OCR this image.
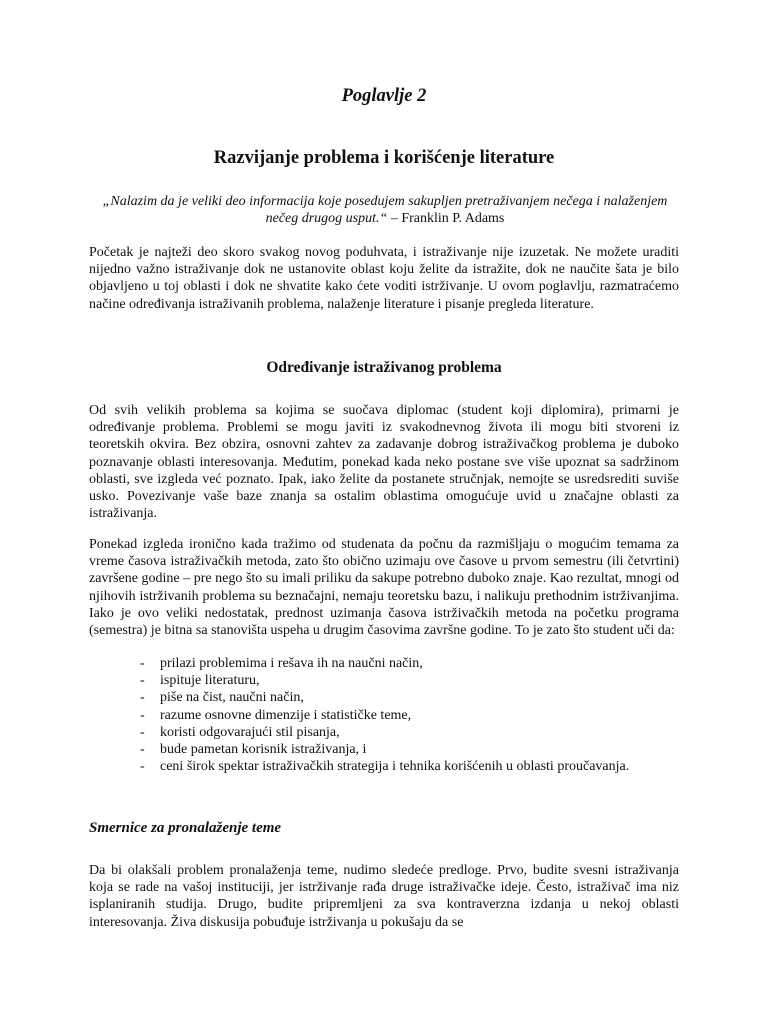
Poglavlje 2
Razvijanje problema i korišćenje literature
„Nalazim da je veliki deo informacija koje posedujem sakupljen pretraživanjem nečega i nalaženjem nečeg drugog usput.“ – Franklin P. Adams

Početak je najteži deo skoro svakog novog poduhvata, i istraživanje nije izuzetak. Ne možete uraditi nijedno važno istraživanje dok ne ustanovite oblast koju želite da istražite, dok ne naučite šata je bilo objavljeno u toj oblasti i dok ne shvatite kako ćete voditi istrživanje. U ovom poglavlju, razmatraćemo načine određivanja istraživanih problema, nalaženje literature i pisanje pregleda literature.

Određivanje istraživanog problema

Od svih velikih problema sa kojima se suočava diplomac (student koji diplomira), primarni je određivanje problema. Problemi se mogu javiti iz svakodnevnog života ili mogu biti stvoreni iz teoretskih okvira. Bez obzira, osnovni zahtev za zadavanje dobrog istraživačkog problema je duboko poznavanje oblasti interesovanja. Međutim, ponekad kada neko postane sve više upoznat sa sadržinom oblasti, sve izgleda već poznato. Ipak, iako želite da postanete stručnjak, nemojte se usredsrediti suviše usko. Povezivanje vaše baze znanja sa ostalim oblastima omogućuje uvid u značajne oblasti za istraživanja.

Ponekad izgleda ironično kada tražimo od studenata da počnu da razmišljaju o mogućim temama za vreme časova istraživačkih metoda, zato što obično uzimaju ove časove u prvom semestru (ili četvrtini) završene godine – pre nego što su imali priliku da sakupe potrebno duboko znaje. Kao rezultat, mnogi od njihovih istrživanih problema su beznačajni, nemaju teoretsku bazu, i nalikuju prethodnim istrživanjima. Iako je ovo veliki nedostatak, prednost uzimanja časova istrživačkih metoda na početku programa (semestra) je bitna sa stanovišta uspeha u drugim časovima završne godine. To je zato što student uči da:

- prilazi problemima i rešava ih na naučni način,
- ispituje literaturu,
- piše na čist, naučni način,
- razume osnovne dimenzije i statističke teme,
- koristi odgovarajući stil pisanja,
- bude pametan korisnik istraživanja, i
- ceni širok spektar istraživačkih strategija i tehnika korišćenih u oblasti proučavanja.
Smernice za pronalaženje teme

Da bi olakšali problem pronalaženja teme, nudimo sledeće predloge. Prvo, budite svesni istraživanja koja se rade na vašoj instituciji, jer istrživanje rađa druge istraživačke ideje. Često, istraživač ima niz isplaniranih studija. Drugo, budite pripremljeni za sva kontraverzna izdanja u nekoj oblasti interesovanja. Živa diskusija pobuđuje istrživanja u pokušaju da se
